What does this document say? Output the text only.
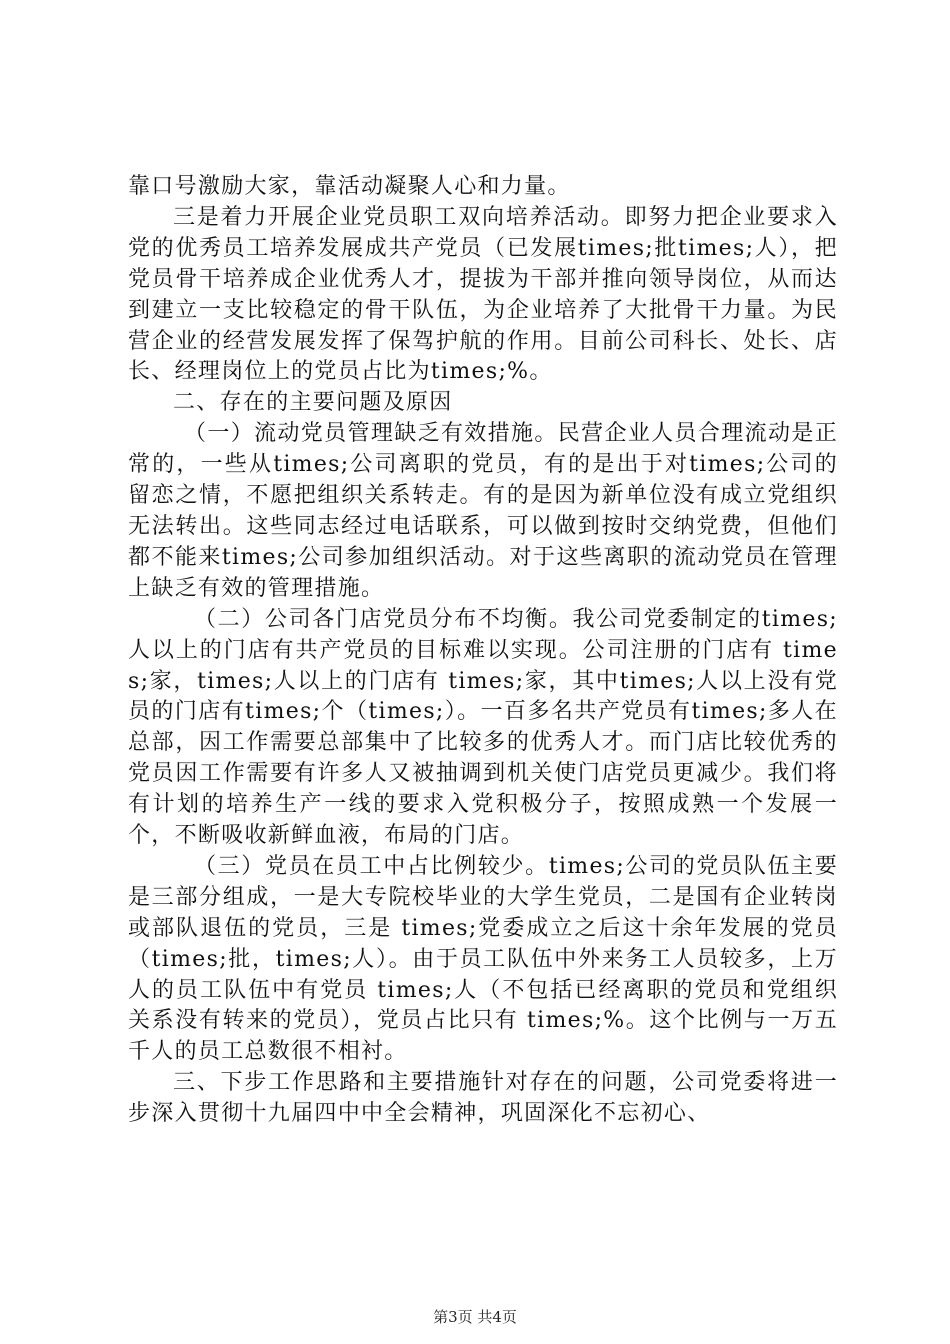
靠口号激励大家，靠活动凝聚人心和力量。

三是着力开展企业党员职工双向培养活动。即努力把企业要求入党的优秀员工培养发展成共产党员（已发展times;批times;人），把党员骨干培养成企业优秀人才，提拔为干部并推向领导岗位，从而达到建立一支比较稳定的骨干队伍，为企业培养了大批骨干力量。为民营企业的经营发展发挥了保驾护航的作用。目前公司科长、处长、店长、经理岗位上的党员占比为times;%。

二、存在的主要问题及原因

（一）流动党员管理缺乏有效措施。民营企业人员合理流动是正常的，一些从times;公司离职的党员，有的是出于对times;公司的留恋之情，不愿把组织关系转走。有的是因为新单位没有成立党组织无法转出。这些同志经过电话联系，可以做到按时交纳党费，但他们都不能来times;公司参加组织活动。对于这些离职的流动党员在管理上缺乏有效的管理措施。

（二）公司各门店党员分布不均衡。我公司党委制定的times;人以上的门店有共产党员的目标难以实现。公司注册的门店有 times;家，times;人以上的门店有 times;家，其中times;人以上没有党员的门店有times;个（times;）。一百多名共产党员有times;多人在总部，因工作需要总部集中了比较多的优秀人才。而门店比较优秀的党员因工作需要有许多人又被抽调到机关使门店党员更减少。我们将有计划的培养生产一线的要求入党积极分子，按照成熟一个发展一个，不断吸收新鲜血液，布局的门店。

（三）党员在员工中占比例较少。times;公司的党员队伍主要是三部分组成，一是大专院校毕业的大学生党员，二是国有企业转岗或部队退伍的党员，三是 times;党委成立之后这十余年发展的党员（times;批，times;人）。由于员工队伍中外来务工人员较多，上万人的员工队伍中有党员 times;人（不包括已经离职的党员和党组织关系没有转来的党员），党员占比只有 times;%。这个比例与一万五千人的员工总数很不相衬。

三、下步工作思路和主要措施针对存在的问题，公司党委将进一步深入贯彻十九届四中中全会精神，巩固深化不忘初心、

第3页 共4页
